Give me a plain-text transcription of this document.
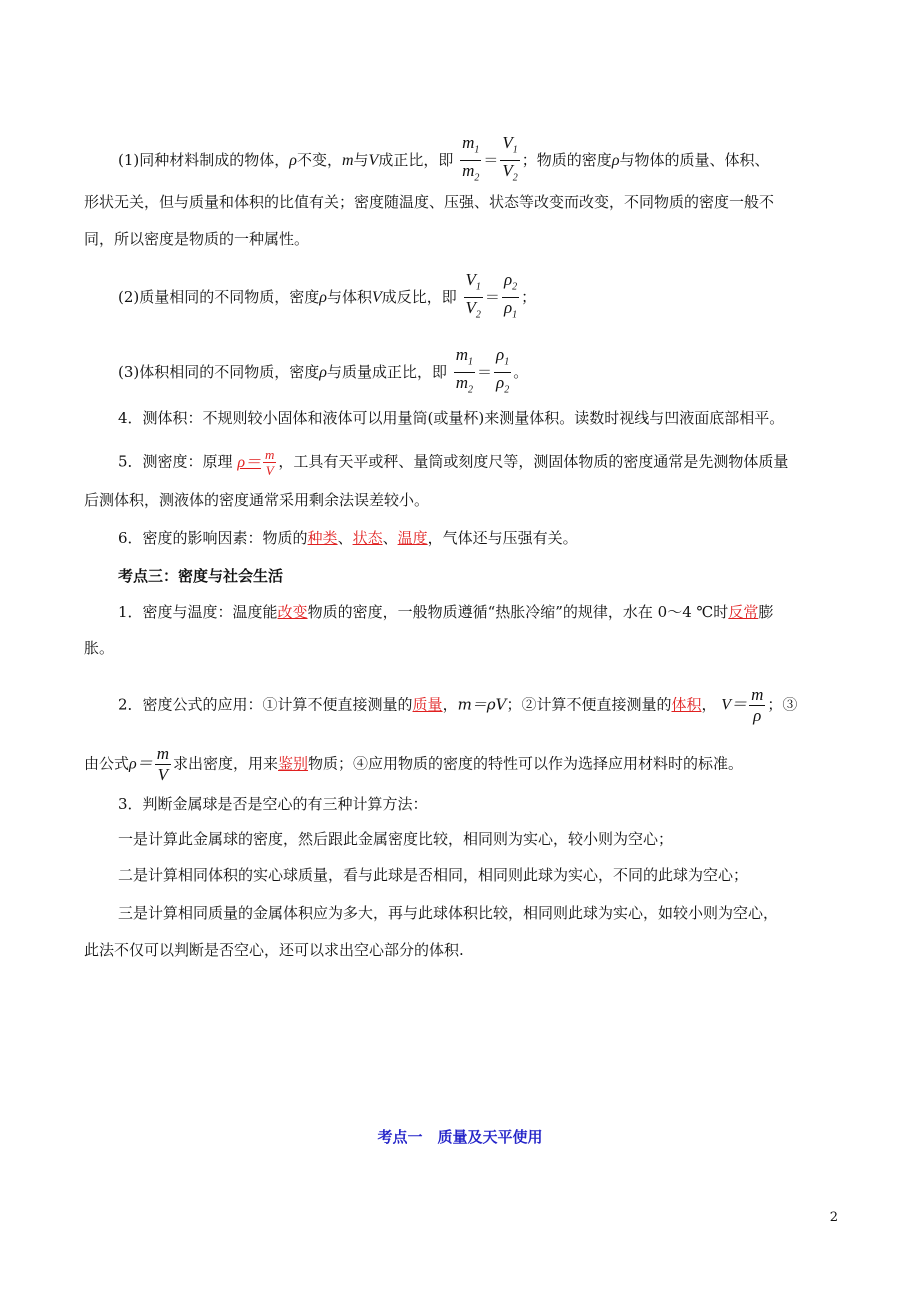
(1)同种材料制成的物体，ρ不变，m与V成正比，即 $\frac{m_1}{m_2} = \frac{V_1}{V_2}$ ；物质的密度ρ与物体的质量、体积、
形状无关，但与质量和体积的比值有关；密度随温度、压强、状态等改变而改变，不同物质的密度一般不
同，所以密度是物质的一种属性。
(2)质量相同的不同物质，密度ρ与体积V成反比，即 $\frac{V_1}{V_2} = \frac{\rho_2}{\rho_1}$ ；
(3)体积相同的不同物质，密度ρ与质量成正比，即 $\frac{m_1}{m_2} = \frac{\rho_1}{\rho_2}$ 。
4．测体积：不规则较小固体和液体可以用量筒(或量杯)来测量体积。读数时视线与凹液面底部相平。
5．测密度：原理 $\rho= \frac{m}{V}$ ，工具有天平或秤、量筒或刻度尺等，测固体物质的密度通常是先测物体质量
后测体积，测液体的密度通常采用剩余法误差较小。
6．密度的影响因素：物质的种类、状态、温度，气体还与压强有关。
考点三：密度与社会生活
1．密度与温度：温度能改变物质的密度，一般物质遵循“热胀冷缩”的规律，水在 0～4 ℃时反常膨
胀。
2．密度公式的应用：①计算不便直接测量的质量，m＝ρV；②计算不便直接测量的体积， $V= \frac{m}{\rho}$ ；③
由公式$\rho= \frac{m}{V}$ 求出密度，用来鉴别物质；④应用物质的密度的特性可以作为选择应用材料时的标准。
3．判断金属球是否是空心的有三种计算方法：
一是计算此金属球的密度，然后跟此金属密度比较，相同则为实心，较小则为空心；
二是计算相同体积的实心球质量，看与此球是否相同，相同则此球为实心，不同的此球为空心；
三是计算相同质量的金属体积应为多大，再与此球体积比较，相同则此球为实心，如较小则为空心，
此法不仅可以判断是否空心，还可以求出空心部分的体积.
考点一　质量及天平使用
2
